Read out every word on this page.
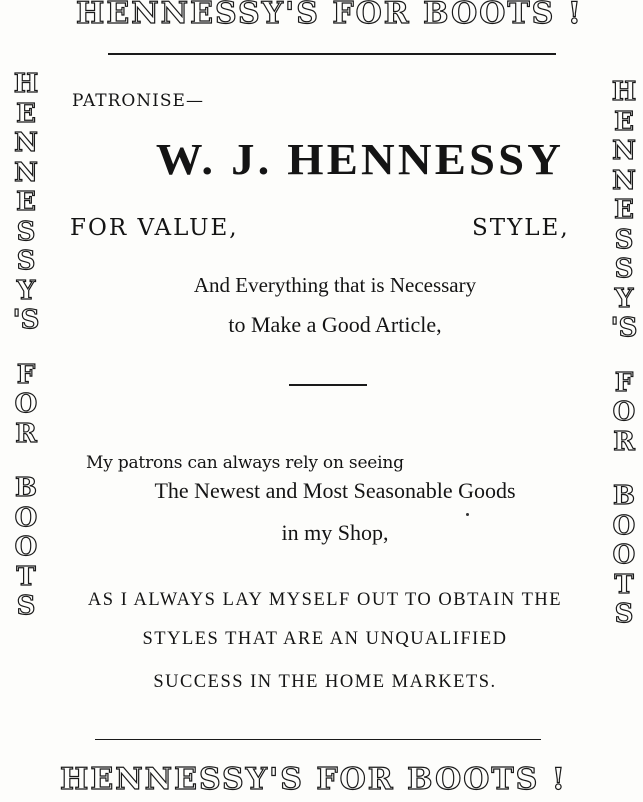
HENNESSY'S FOR BOOTS !
H
E
N
N
E
S
S
Y
'S
F
O
R
B
O
O
T
S
H
E
N
N
E
S
S
Y
'S
F
O
R
B
O
O
T
S
PATRONISE—
W. J. HENNESSY
FOR VALUE,	STYLE,
And Everything that is Necessary
to Make a Good Article,
My patrons can always rely on seeing
The Newest and Most Seasonable Goods
in my Shop,
AS I ALWAYS LAY MYSELF OUT TO OBTAIN THE
STYLES THAT ARE AN UNQUALIFIED
SUCCESS IN THE HOME MARKETS.
HENNESSY'S FOR BOOTS !
